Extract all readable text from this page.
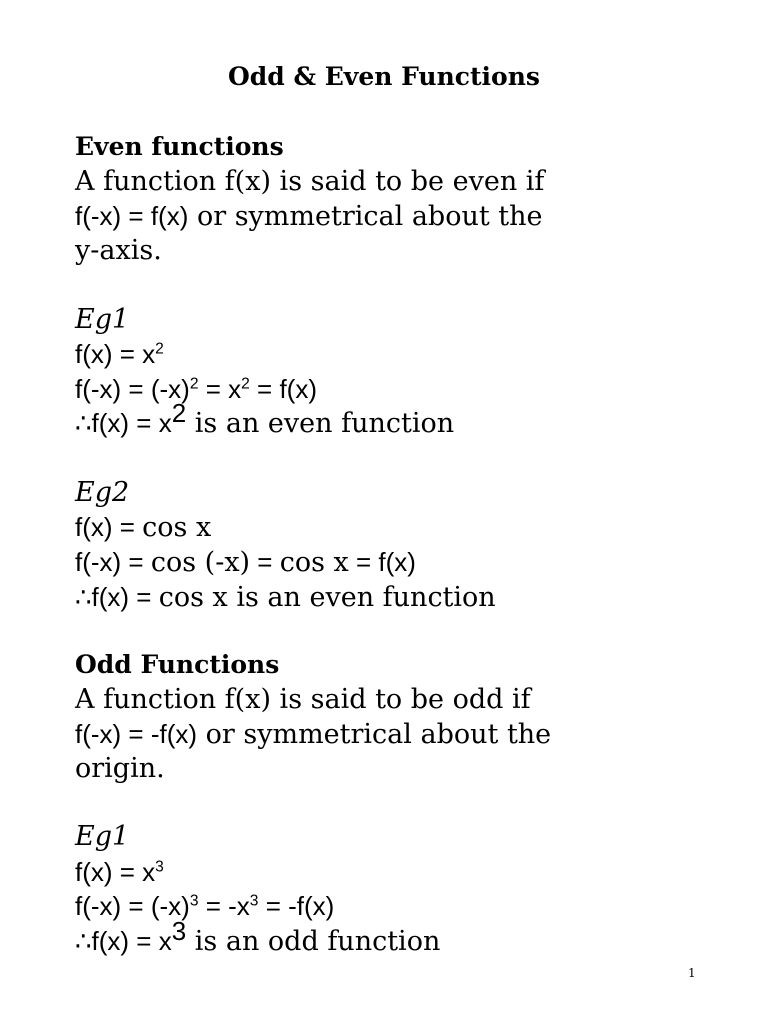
Odd & Even Functions
Even functions
A function f(x) is said to be even if
f(-x) = f(x) or symmetrical about the
y-axis.
Eg1
$f(x) = x^2$
$f(-x) = (-x)^2 = x^2 = f(x)$
∴f(x) = $x^2$ is an even function
Eg2
f(x) = cos x
f(-x) = cos (-x) = cos x = f(x)
∴f(x) = cos x is an even function
Odd Functions
A function f(x) is said to be odd if
f(-x) = -f(x) or symmetrical about the
origin.
Eg1
$f(x) = x^3$
$f(-x) = (-x)^3 = -x^3 = -f(x)$
∴f(x) = $x^3$ is an odd function
1
